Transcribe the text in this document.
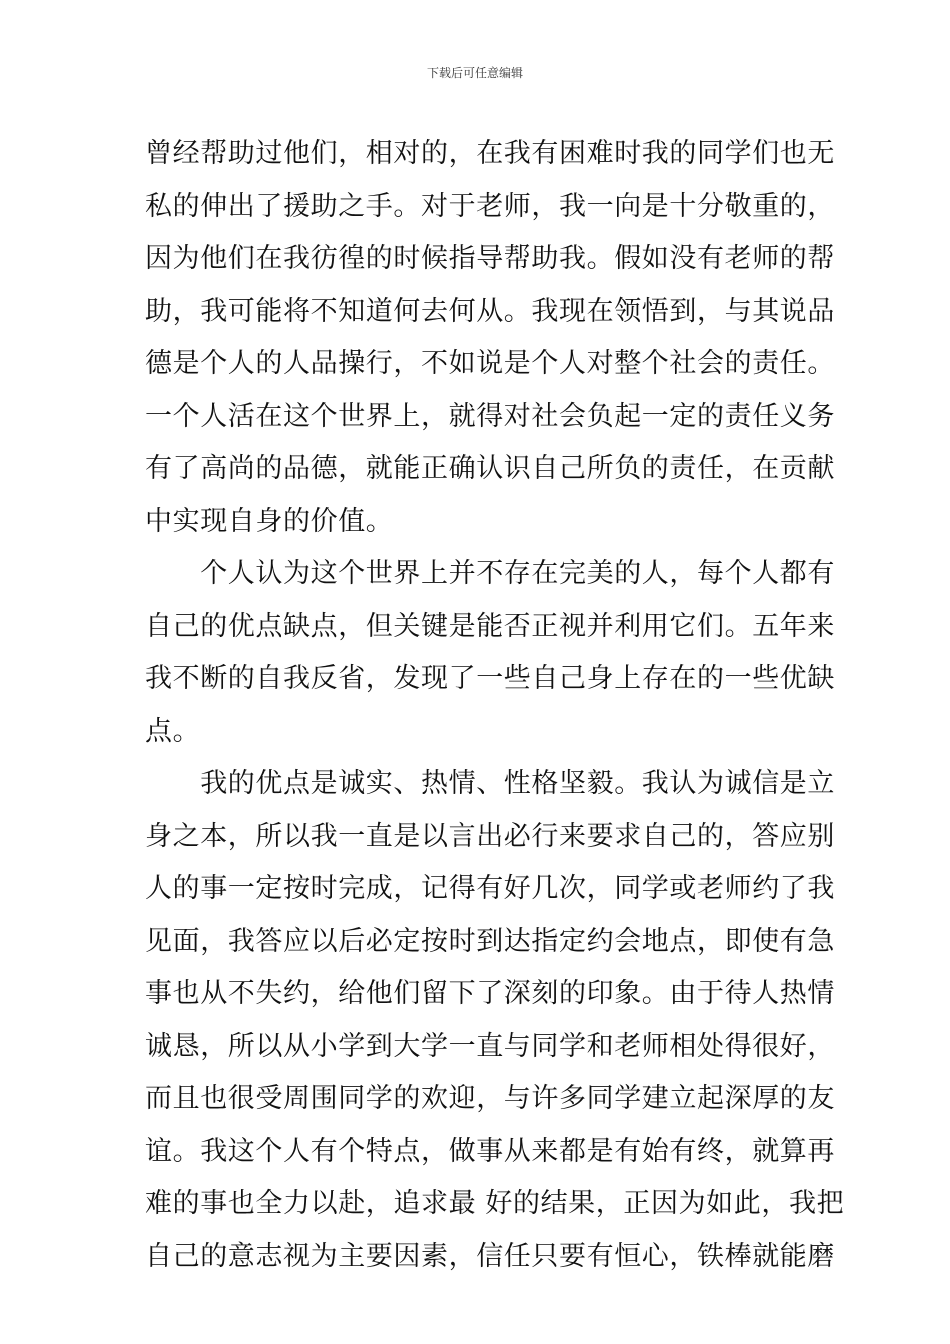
下载后可任意编辑
曾经帮助过他们，相对的，在我有困难时我的同学们也无
私的伸出了援助之手。对于老师，我一向是十分敬重的，
因为他们在我彷徨的时候指导帮助我。假如没有老师的帮
助，我可能将不知道何去何从。我现在领悟到，与其说品
德是个人的人品操行，不如说是个人对整个社会的责任。
一个人活在这个世界上，就得对社会负起一定的责任义务
有了高尚的品德，就能正确认识自己所负的责任，在贡献
中实现自身的价值。
　　个人认为这个世界上并不存在完美的人，每个人都有
自己的优点缺点，但关键是能否正视并利用它们。五年来
我不断的自我反省，发现了一些自己身上存在的一些优缺
点。
　　我的优点是诚实、热情、性格坚毅。我认为诚信是立
身之本，所以我一直是以言出必行来要求自己的，答应别
人的事一定按时完成，记得有好几次，同学或老师约了我
见面，我答应以后必定按时到达指定约会地点，即使有急
事也从不失约，给他们留下了深刻的印象。由于待人热情
诚恳，所以从小学到大学一直与同学和老师相处得很好，
而且也很受周围同学的欢迎，与许多同学建立起深厚的友
谊。我这个人有个特点，做事从来都是有始有终，就算再
难的事也全力以赴，追求最 好的结果，正因为如此，我把
自己的意志视为主要因素，信任只要有恒心，铁棒就能磨
